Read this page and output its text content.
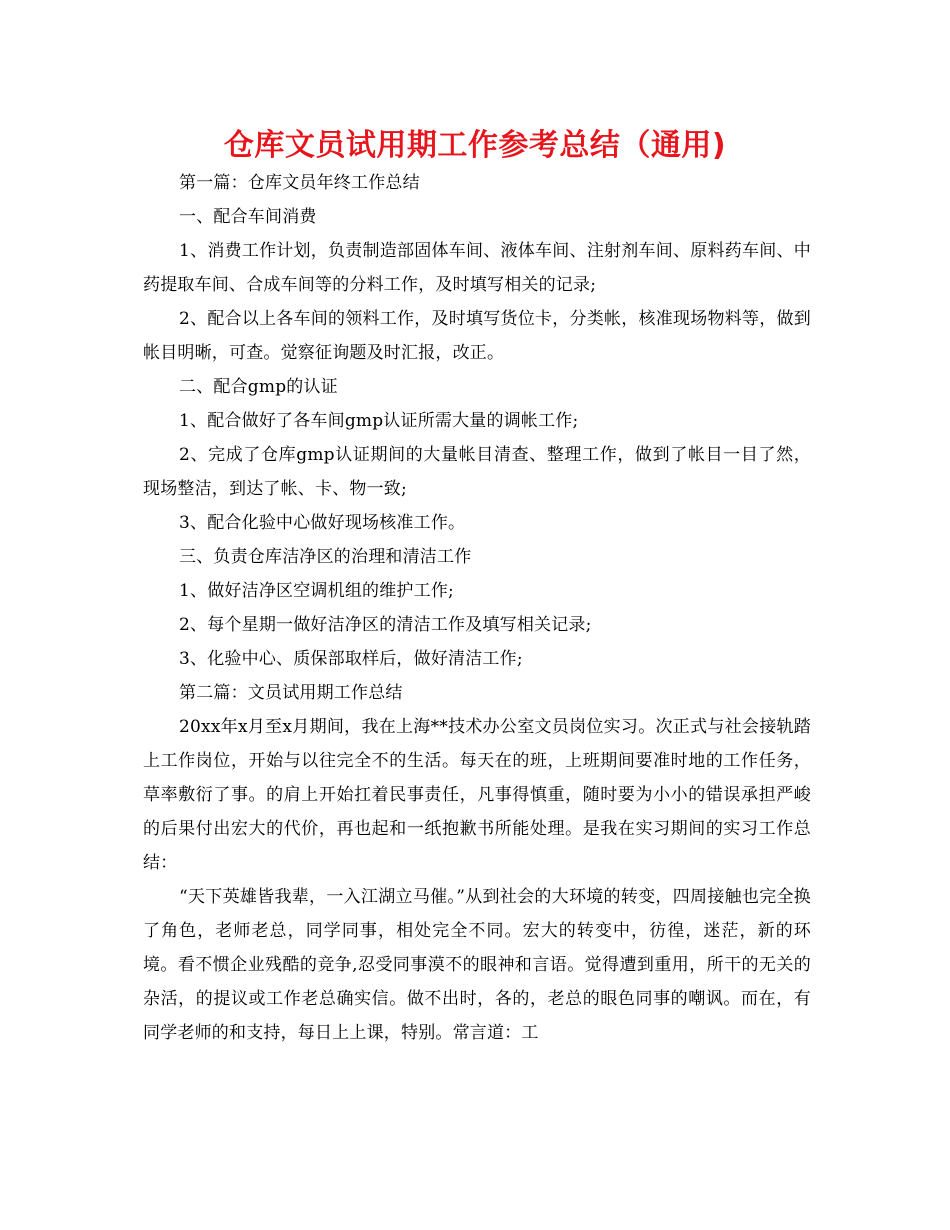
仓库文员试用期工作参考总结（通用)

第一篇：仓库文员年终工作总结

一、配合车间消费

1、消费工作计划，负责制造部固体车间、液体车间、注射剂车间、原料药车间、中药提取车间、合成车间等的分料工作，及时填写相关的记录;

2、配合以上各车间的领料工作，及时填写货位卡，分类帐，核准现场物料等，做到帐目明晰，可查。觉察征询题及时汇报，改正。

二、配合gmp的认证

1、配合做好了各车间gmp认证所需大量的调帐工作;

2、完成了仓库gmp认证期间的大量帐目清查、整理工作，做到了帐目一目了然，现场整洁，到达了帐、卡、物一致;

3、配合化验中心做好现场核准工作。

三、负责仓库洁净区的治理和清洁工作

1、做好洁净区空调机组的维护工作;

2、每个星期一做好洁净区的清洁工作及填写相关记录;

3、化验中心、质保部取样后，做好清洁工作;

第二篇：文员试用期工作总结

20xx年x月至x月期间，我在上海**技术办公室文员岗位实习。次正式与社会接轨踏上工作岗位，开始与以往完全不的生活。每天在的班，上班期间要准时地的工作任务，草率敷衍了事。的肩上开始扛着民事责任，凡事得慎重，随时要为小小的错误承担严峻的后果付出宏大的代价，再也起和一纸抱歉书所能处理。是我在实习期间的实习工作总结：

“天下英雄皆我辈，一入江湖立马催。”从到社会的大环境的转变，四周接触也完全换了角色，老师老总，同学同事，相处完全不同。宏大的转变中，彷徨，迷茫，新的环境。看不惯企业残酷的竞争,忍受同事漠不的眼神和言语。觉得遭到重用，所干的无关的杂活，的提议或工作老总确实信。做不出时，各的，老总的眼色同事的嘲讽。而在，有同学老师的和支持，每日上上课，特别。常言道：工
